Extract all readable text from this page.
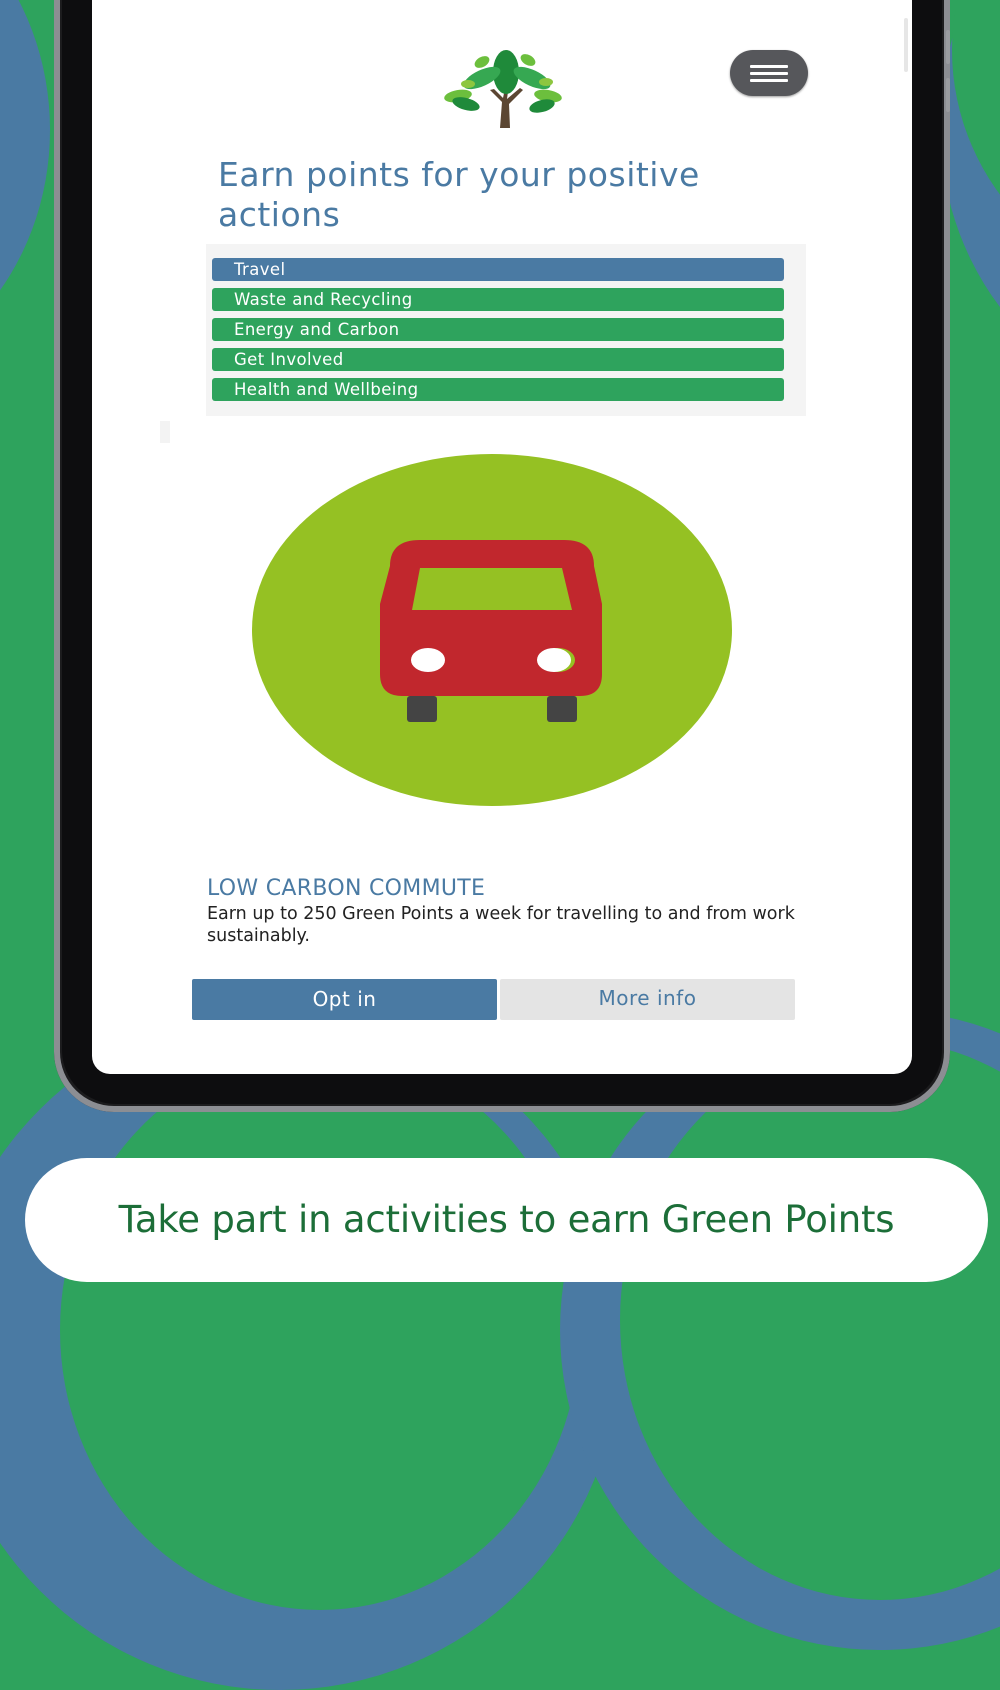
Earn points for your positive actions
Travel
Waste and Recycling
Energy and Carbon
Get Involved
Health and Wellbeing
LOW CARBON COMMUTE
Earn up to 250 Green Points a week for travelling to and from work sustainably.
Opt in	More info
Take part in activities to earn Green Points
